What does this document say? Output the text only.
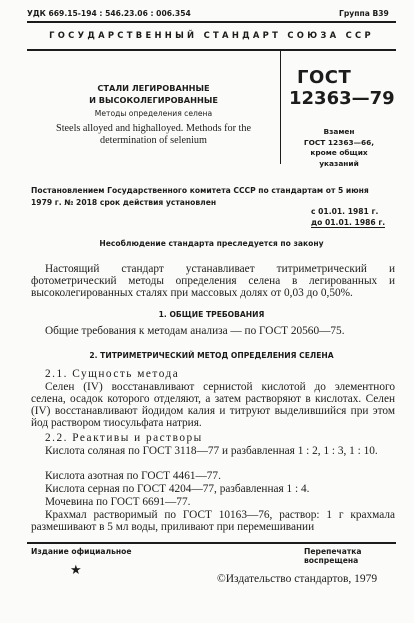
УДК 669.15-194 : 546.23.06 : 006.354	Группа В39
ГОСУДАРСТВЕННЫЙ СТАНДАРТ СОЮЗА ССР
СТАЛИ ЛЕГИРОВАННЫЕ
И ВЫСОКОЛЕГИРОВАННЫЕ
Методы определения селена
Steels alloyed and highalloyed. Methods for the
determination of selenium
ГОСТ
12363—79
Взамен
ГОСТ 12363—66,
кроме общих
указаний
Постановлением Государственного комитета СССР по стандартам от 5 июня
1979 г. № 2018 срок действия установлен
с 01.01. 1981 г.
до 01.01. 1986 г.
Несоблюдение стандарта преследуется по закону
Настоящий стандарт устанавливает титриметрический и фотометрический методы определения селена в легированных и высоколегированных сталях при массовых долях от 0,03 до 0,50%.
1. ОБЩИЕ ТРЕБОВАНИЯ
Общие требования к методам анализа — по ГОСТ 20560—75.
2. ТИТРИМЕТРИЧЕСКИЙ МЕТОД ОПРЕДЕЛЕНИЯ СЕЛЕНА
2.1. Сущность метода
Селен (IV) восстанавливают сернистой кислотой до элементного селена, осадок которого отделяют, а затем растворяют в кислотах. Селен (IV) восстанавливают йодидом калия и титруют выделившийся при этом йод раствором тиосульфата натрия.
2.2. Реактивы и растворы
Кислота соляная по ГОСТ 3118—77 и разбавленная 1 : 2, 1 : 3, 1 : 10.
Кислота азотная по ГОСТ 4461—77.
Кислота серная по ГОСТ 4204—77, разбавленная 1 : 4.
Мочевина по ГОСТ 6691—77.
Крахмал растворимый по ГОСТ 10163—76, раствор: 1 г крахмала размешивают в 5 мл воды, приливают при перемешивании
Издание официальное	Перепечатка воспрещена
★
©Издательство стандартов, 1979
